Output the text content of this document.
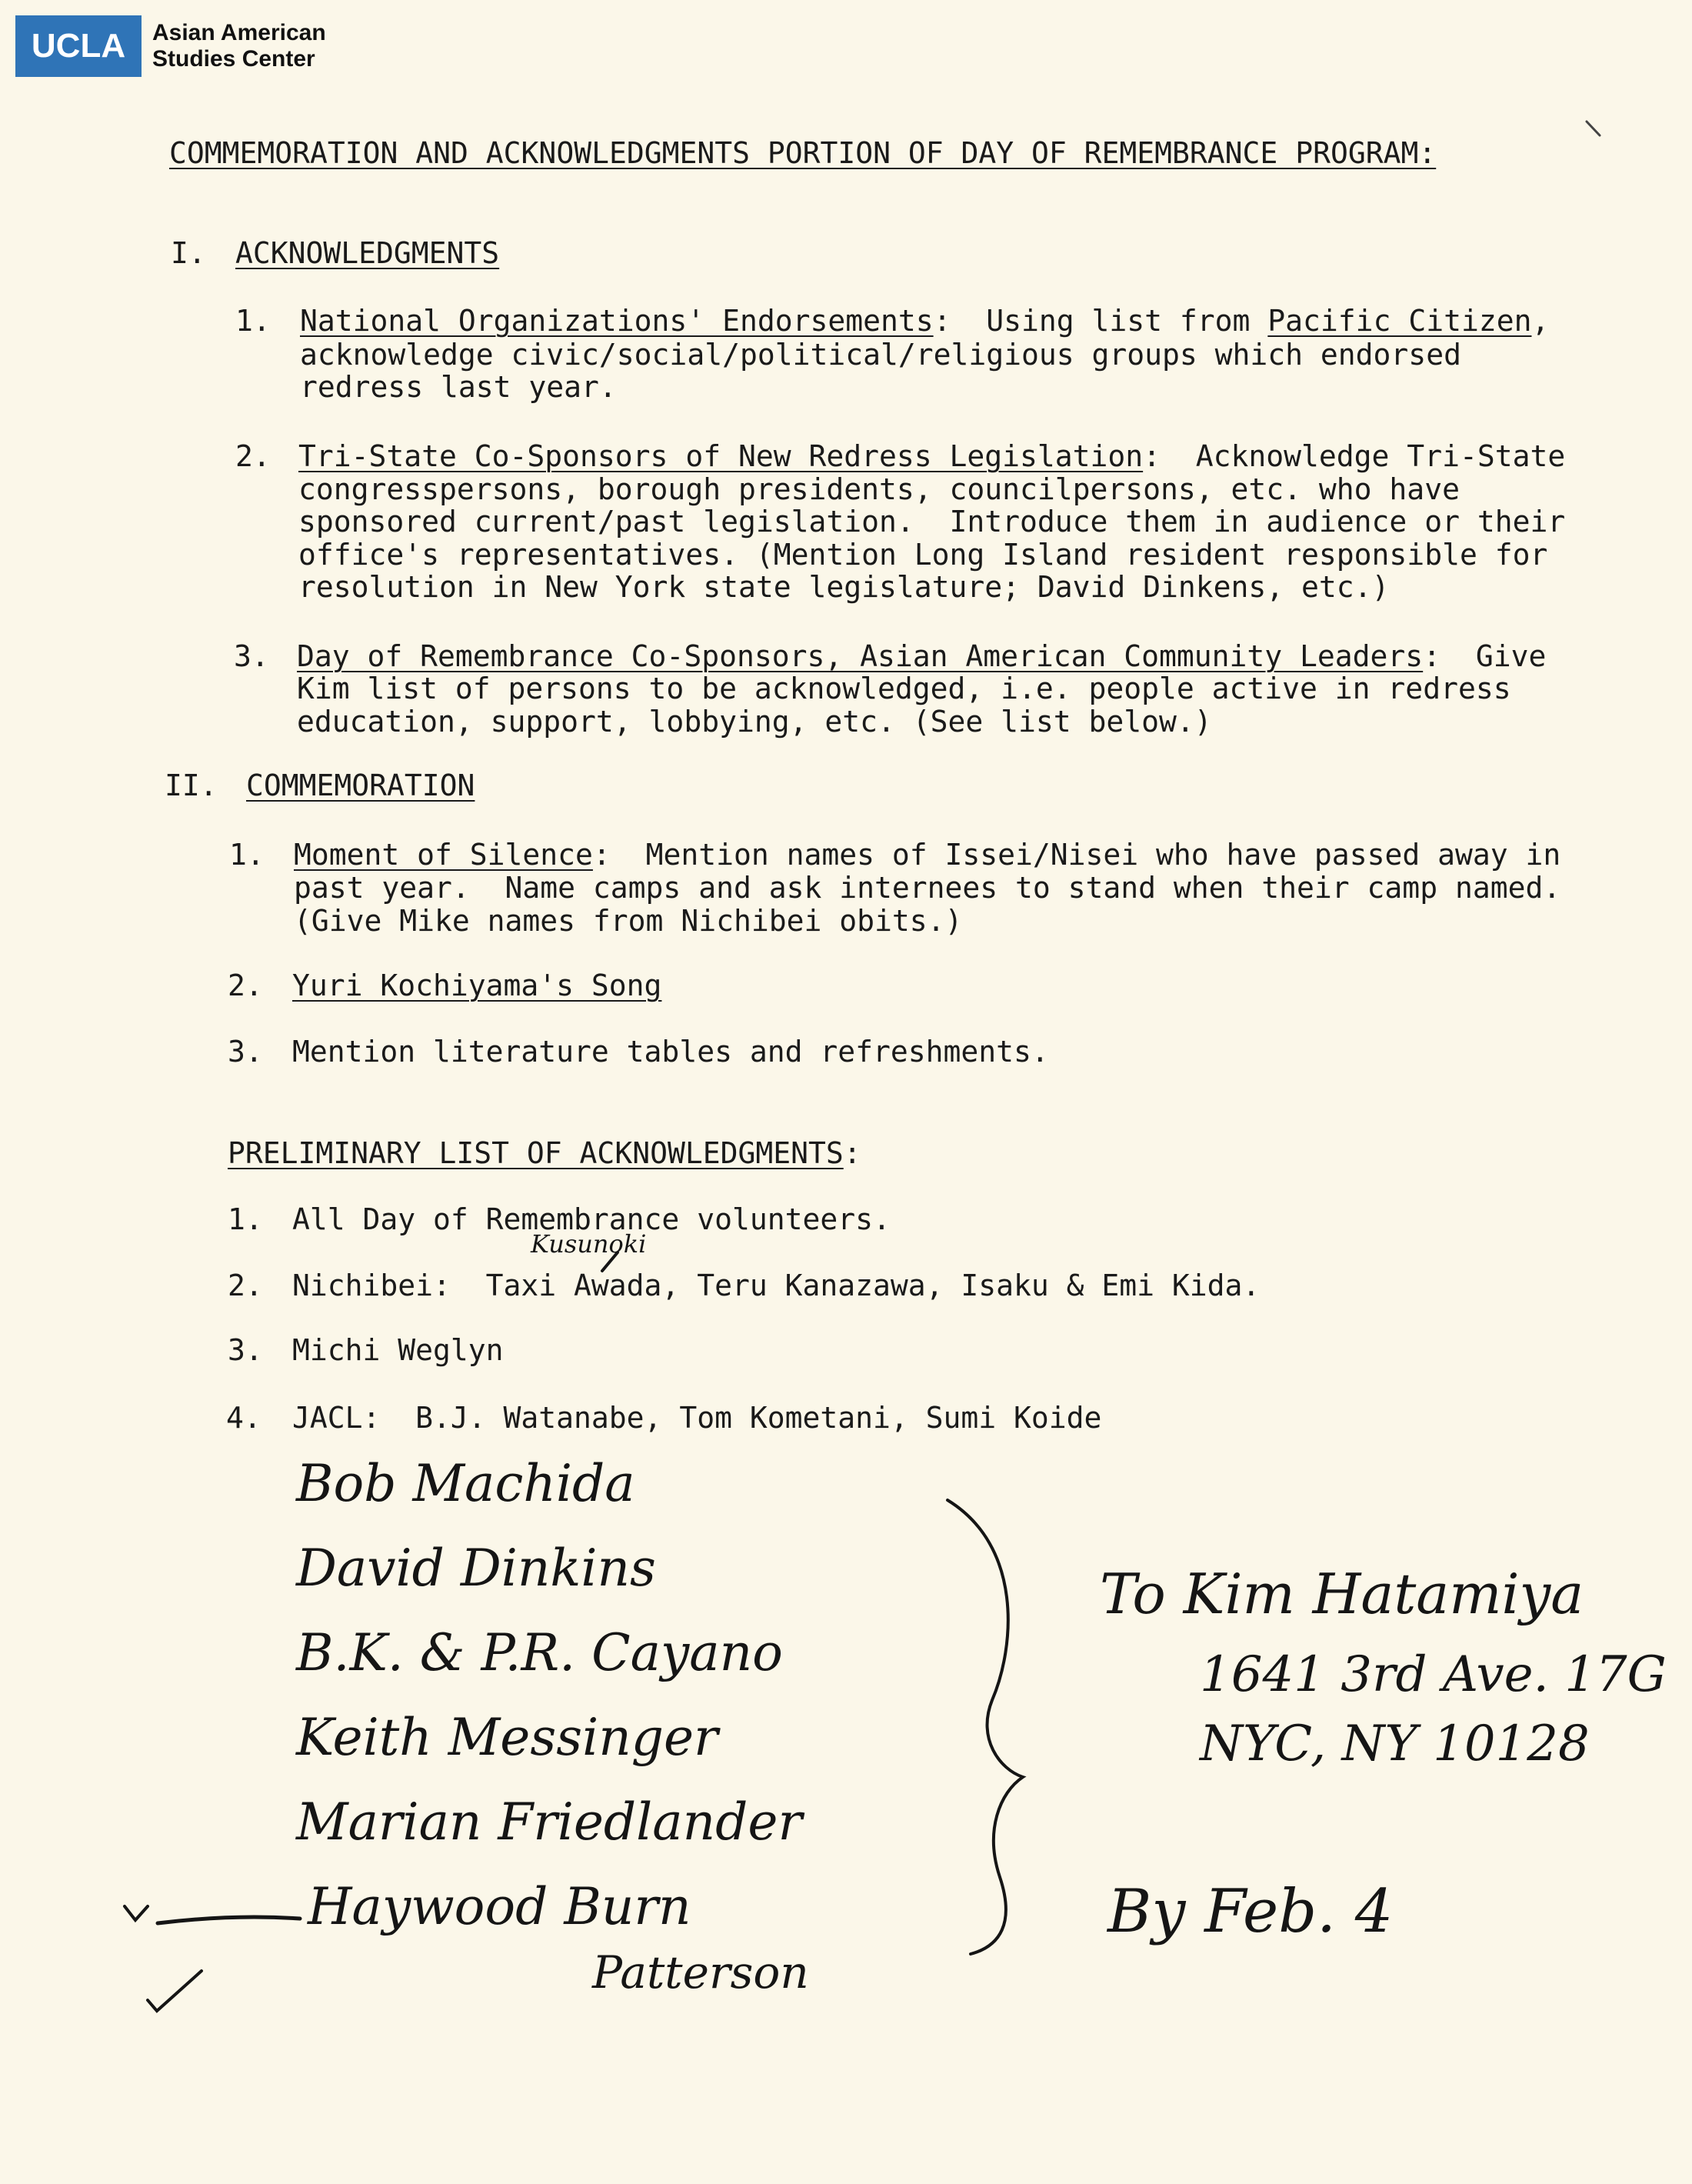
UCLA	Asian American
Studies Center
COMMEMORATION AND ACKNOWLEDGMENTS PORTION OF DAY OF REMEMBRANCE PROGRAM:
I. ACKNOWLEDGMENTS
1. National Organizations' Endorsements:  Using list from Pacific Citizen,
acknowledge civic/social/political/religious groups which endorsed
redress last year.
2. Tri-State Co-Sponsors of New Redress Legislation:  Acknowledge Tri-State
congresspersons, borough presidents, councilpersons, etc. who have
sponsored current/past legislation.  Introduce them in audience or their
office's representatives. (Mention Long Island resident responsible for
resolution in New York state legislature; David Dinkens, etc.)
3. Day of Remembrance Co-Sponsors, Asian American Community Leaders:  Give
Kim list of persons to be acknowledged, i.e. people active in redress
education, support, lobbying, etc. (See list below.)
II. COMMEMORATION
1. Moment of Silence:  Mention names of Issei/Nisei who have passed away in
past year.  Name camps and ask internees to stand when their camp named.
(Give Mike names from Nichibei obits.)
2. Yuri Kochiyama's Song
3. Mention literature tables and refreshments.
PRELIMINARY LIST OF ACKNOWLEDGMENTS:
1. All Day of Remembrance volunteers.
2. Nichibei:  Taxi Awada, Teru Kanazawa, Isaku & Emi Kida.
3. Michi Weglyn
4. JACL:  B.J. Watanabe, Tom Kometani, Sumi Koide
Kusunoki
Bob Machida
David Dinkins
B.K. & P.R. Cayano
Keith Messinger
Marian Friedlander
Haywood Burn
Patterson
To Kim Hatamiya
1641 3rd Ave. 17G
NYC, NY 10128
By Feb. 4
